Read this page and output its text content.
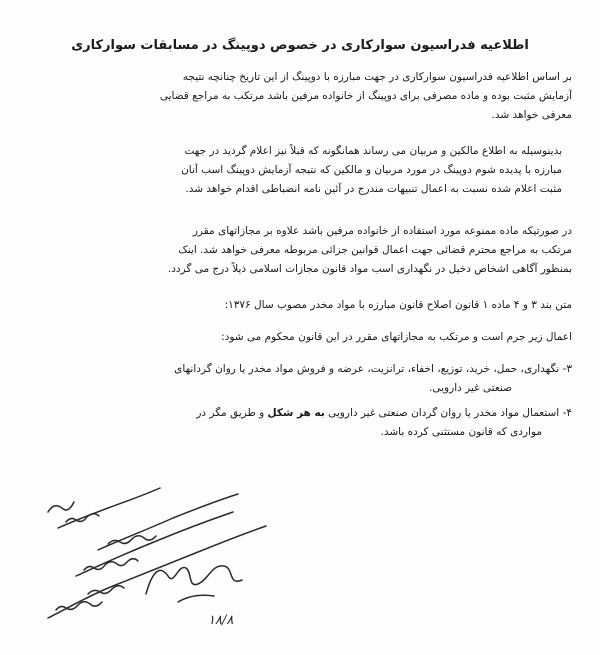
اطلاعیه فدراسیون سوارکاری در خصوص دوپینگ در مسابقات سوارکاری
بر اساس اطلاعیه فدراسیون سوارکاری در جهت مبارزه با دوپینگ از این تاریخ چنانچه نتیجه
آزمایش مثبت بوده و ماده مصرفی برای دوپینگ از خانواده مرفین باشد مرتکب به مراجع قضایی
معرفی خواهد شد.
بدینوسیله به اطلاع مالکین و مربیان می رساند همانگونه که قبلاً نیز اعلام گردید در جهت
مبارزه با پدیده شوم دوپینگ در مورد مربیان و مالکین که نتیجه آزمایش دوپینگ اسب آنان
مثبت اعلام شده نسبت به اعمال تنبیهات مندرج در آئین نامه انضباطی اقدام خواهد شد.
در صورتیکه ماده ممنوعه مورد استفاده از خانواده مرفین باشد علاوه بر مجازاتهای مقرر
مرتکب به مراجع محترم قضائی جهت اعمال قوانین جزائی مربوطه معرفی خواهد شد. اینک
بمنظور آگاهی اشخاص دخیل در نگهداری اسب مواد قانون مجازات اسلامی ذیلاً درج می گردد.
متن بند ۳ و ۴ ماده ۱ قانون اصلاح قانون مبارزه با مواد مخدر مصوب سال ۱۳۷۶:
اعمال زیر جرم است و مرتکب به مجازاتهای مقرر در این قانون محکوم می شود:
۳- نگهداری، حمل، خرید، توزیع، اخفاء، ترانزیت، عرضه و فروش مواد مخدر یا روان گردانهای
صنعتی غیر دارویی.
۴- استعمال مواد مخدر یا روان گردان صنعتی غیر دارویی به هر شکل و طریق مگر در
مواردی که قانون مستثنی کرده باشد.
۱۸/۸
